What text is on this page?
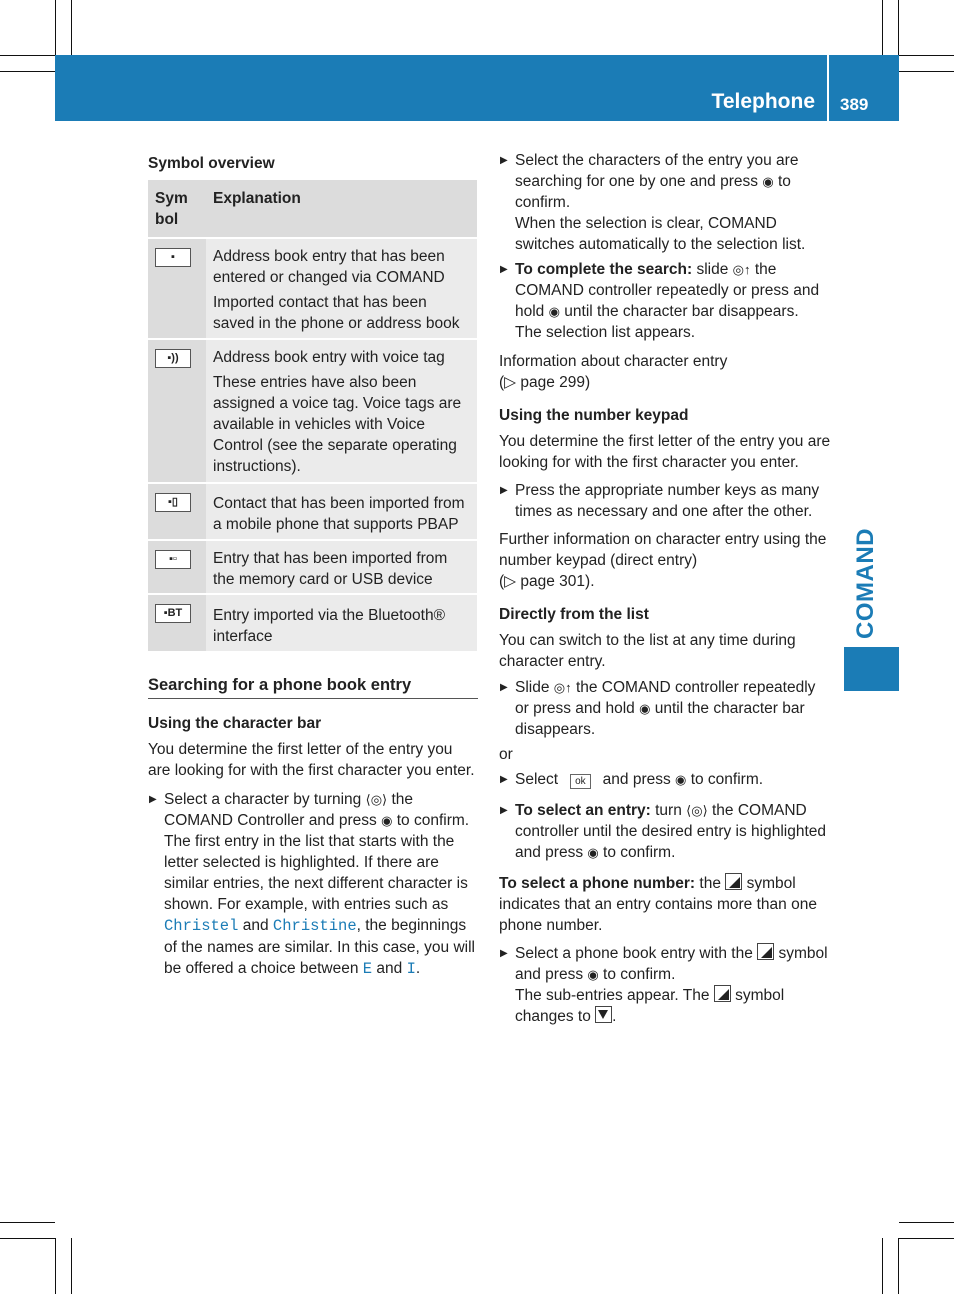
Telephone 389
COMAND
Symbol overview
Sym bol	Explanation

▪	Address book entry that has been entered or changed via COMAND

Imported contact that has been saved in the phone or address book

▪))	Address book entry with voice tag

These entries have also been assigned a voice tag. Voice tags are available in vehicles with Voice Control (see the separate operating instructions).

▪▯	Contact that has been imported from a mobile phone that supports PBAP

▪▫	Entry that has been imported from the memory card or USB device

▪BT	Entry imported via the Bluetooth® interface

Searching for a phone book entry
Using the character bar

You determine the first letter of the entry you are looking for with the first character you enter.

▶ Select a character by turning ⟨◎⟩ the COMAND Controller and press ◉ to confirm.
The first entry in the list that starts with the letter selected is highlighted. If there are similar entries, the next different character is shown. For example, with entries such as Christel and Christine, the beginnings of the names are similar. In this case, you will be offered a choice between E and I.
▶ Select the characters of the entry you are searching for one by one and press ◉ to confirm.
When the selection is clear, COMAND switches automatically to the selection list.
▶ To complete the search: slide ◎↑ the COMAND controller repeatedly or press and hold ◉ until the character bar disappears.
The selection list appears.

Information about character entry
(▷ page 299)

Using the number keypad

You determine the first letter of the entry you are looking for with the first character you enter.

▶ Press the appropriate number keys as many times as necessary and one after the other.

Further information on character entry using the number keypad (direct entry)
(▷ page 301).

Directly from the list

You can switch to the list at any time during character entry.

▶ Slide ◎↑ the COMAND controller repeatedly or press and hold ◉ until the character bar disappears.

or

▶ Select ok and press ◉ to confirm.
▶ To select an entry: turn ⟨◎⟩ the COMAND controller until the desired entry is highlighted and press ◉ to confirm.

To select a phone number: the symbol indicates that an entry contains more than one phone number.

▶ Select a phone book entry with the symbol and press ◉ to confirm.
The sub-entries appear. The symbol changes to .
